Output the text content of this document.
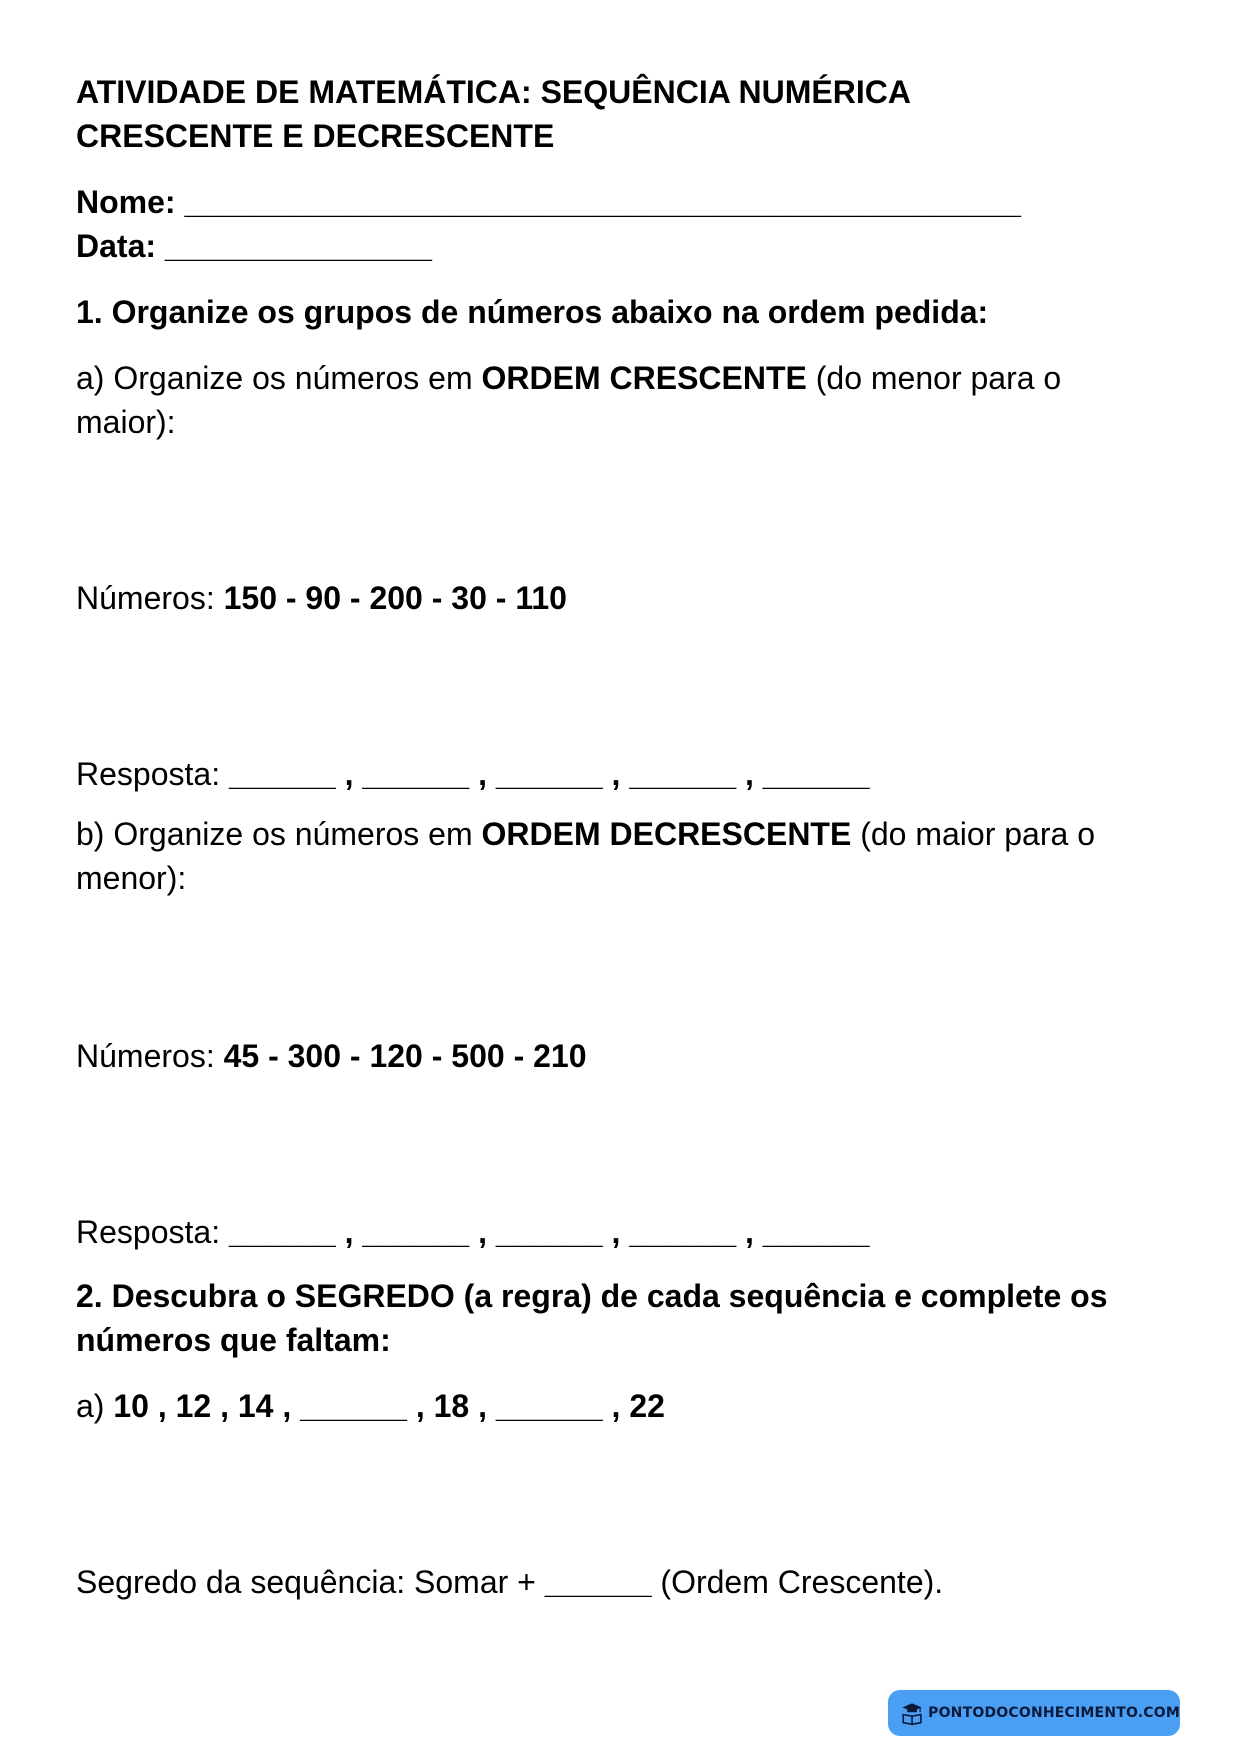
ATIVIDADE DE MATEMÁTICA: SEQUÊNCIA NUMÉRICA
CRESCENTE E DECRESCENTE
Nome: _______________________________________________
Data: _______________
1. Organize os grupos de números abaixo na ordem pedida:
a) Organize os números em ORDEM CRESCENTE (do menor para o
maior):
Números: 150 - 90 - 200 - 30 - 110
Resposta: ______ , ______ , ______ , ______ , ______
b) Organize os números em ORDEM DECRESCENTE (do maior para o
menor):
Números: 45 - 300 - 120 - 500 - 210
Resposta: ______ , ______ , ______ , ______ , ______
2. Descubra o SEGREDO (a regra) de cada sequência e complete os
números que faltam:
a) 10 , 12 , 14 , ______ , 18 , ______ , 22
Segredo da sequência: Somar + ______ (Ordem Crescente).
PONTODOCONHECIMENTO.COM
